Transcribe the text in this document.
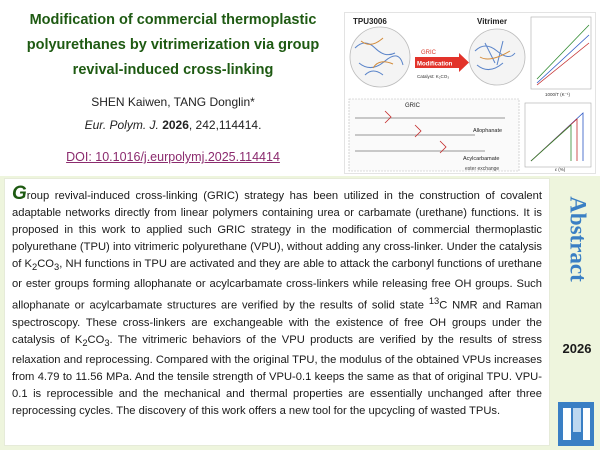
Modification of commercial thermoplastic polyurethanes by vitrimerization via group revival-induced cross-linking
SHEN Kaiwen, TANG Donglin*
Eur. Polym. J. 2026, 242,114414.
DOI: 10.1016/j.eurpolymj.2025.114414
TPU3006
GRIC
Modification
Catalyst: K₂CO₃
Vitrimer
1000/T (K⁻¹)
GRIC
Allophanate
Acylcarbamate
ester exchange	ε (%)
Group revival-induced cross-linking (GRIC) strategy has been utilized in the construction of covalent adaptable networks directly from linear polymers containing urea or carbamate (urethane) functions. It is proposed in this work to applied such GRIC strategy in the modification of commercial thermoplastic polyurethane (TPU) into vitrimeric polyurethane (VPU), without adding any cross-linker. Under the catalysis of $K_2CO_3$, NH functions in TPU are activated and they are able to attack the carbonyl functions of urethane or ester groups forming allophanate or acylcarbamate cross-linkers while releasing free OH groups. Such allophanate or acylcarbamate structures are verified by the results of solid state $^{13}$C NMR and Raman spectroscopy. These cross-linkers are exchangeable with the existence of free OH groups under the catalysis of $K_2CO_3$. The vitrimeric behaviors of the VPU products are verified by the results of stress relaxation and reprocessing. Compared with the original TPU, the modulus of the obtained VPUs increases from 4.79 to 11.56 MPa. And the tensile strength of VPU-0.1 keeps the same as that of original TPU. VPU-0.1 is reprocessible and the mechanical and thermal properties are essentially unchanged after three reprocessing cycles. The discovery of this work offers a new tool for the upcycling of wasted TPUs.
Abstract
2026
